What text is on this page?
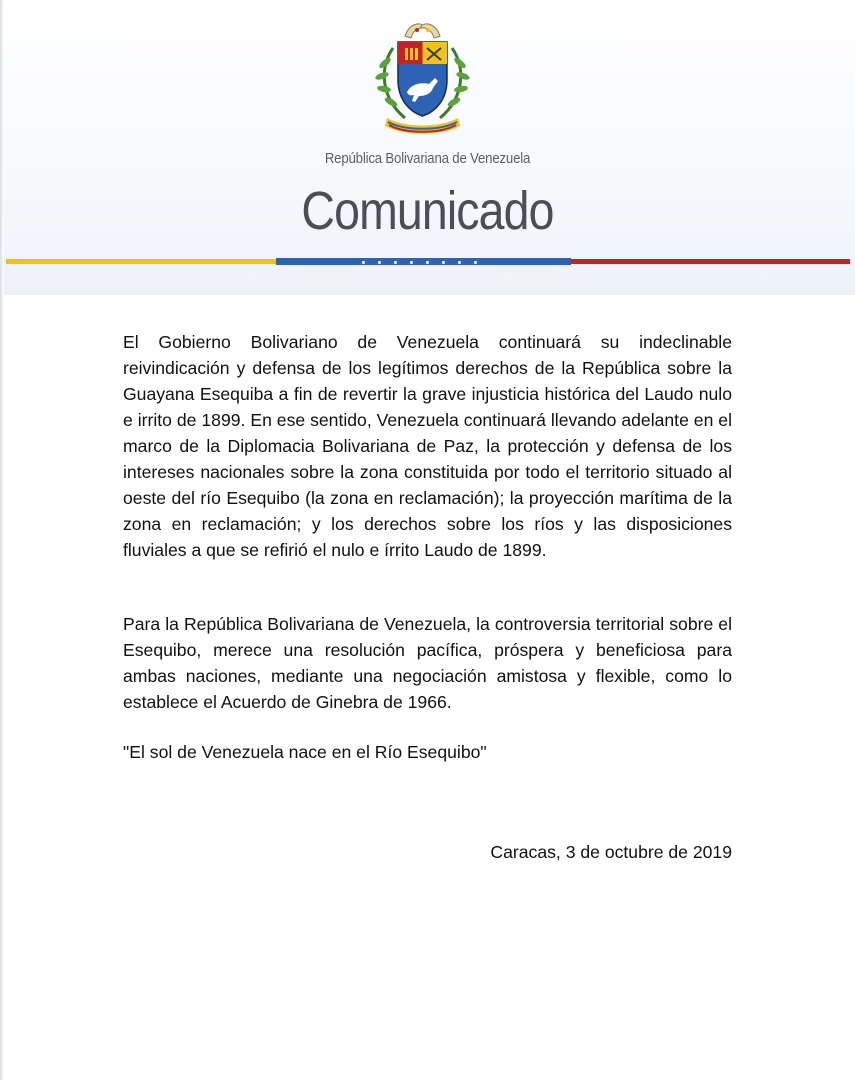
República Bolivariana de Venezuela
Comunicado

El Gobierno Bolivariano de Venezuela continuará su indeclinable reivindicación y defensa de los legítimos derechos de la República sobre la Guayana Esequiba a fin de revertir la grave injusticia histórica del Laudo nulo e irrito de 1899. En ese sentido, Venezuela continuará llevando adelante en el marco de la Diplomacia Bolivariana de Paz, la protección y defensa de los intereses nacionales sobre la zona constituida por todo el territorio situado al oeste del río Esequibo (la zona en reclamación); la proyección marítima de la zona en reclamación; y los derechos sobre los ríos y las disposiciones fluviales a que se refirió el nulo e írrito Laudo de 1899.

Para la República Bolivariana de Venezuela, la controversia territorial sobre el Esequibo, merece una resolución pacífica, próspera y beneficiosa para ambas naciones, mediante una negociación amistosa y flexible, como lo establece el Acuerdo de Ginebra de 1966.

"El sol de Venezuela nace en el Río Esequibo"

Caracas, 3 de octubre de 2019
